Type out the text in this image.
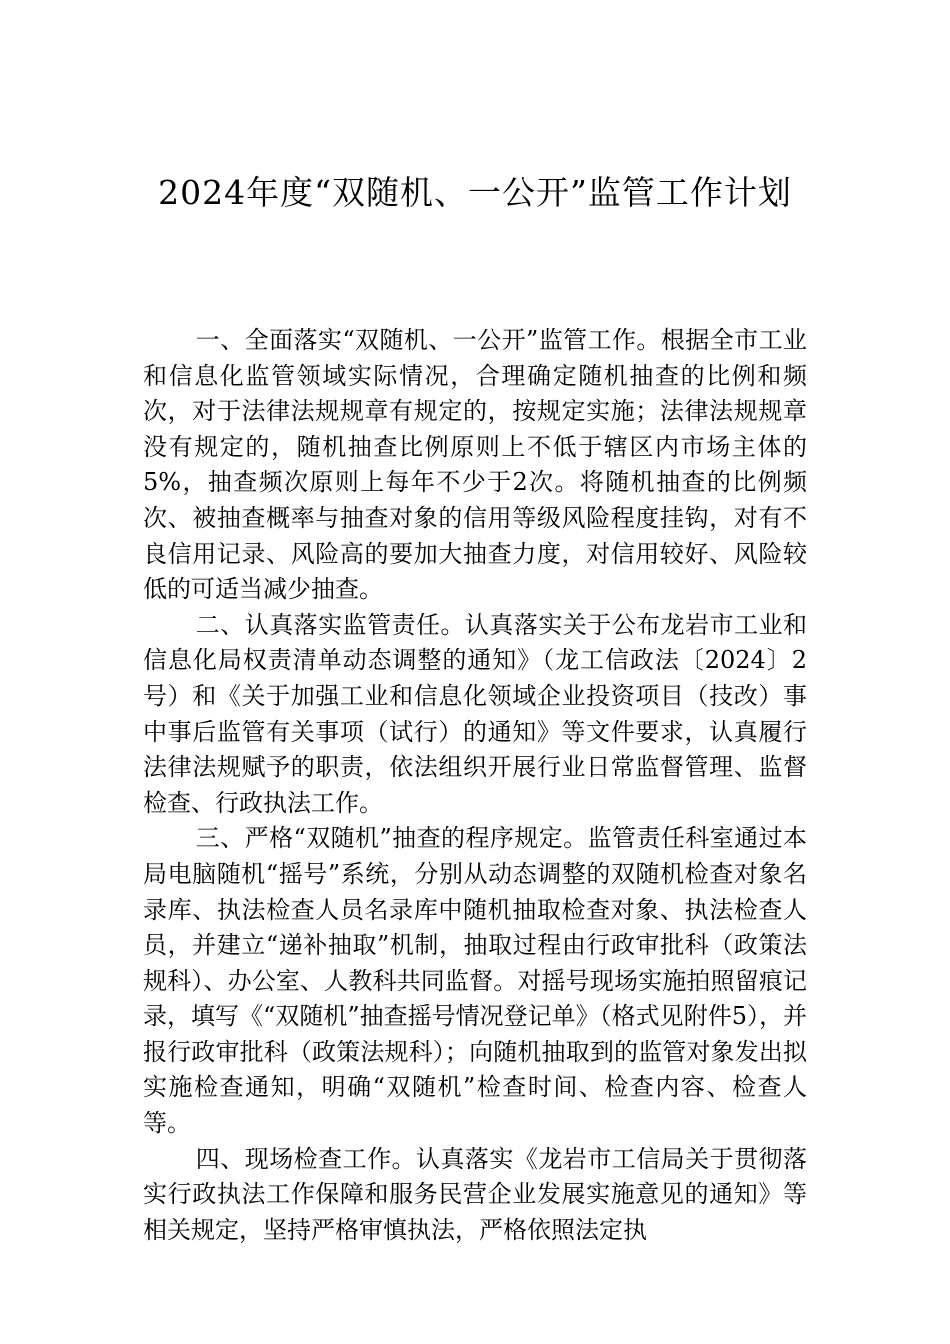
2024年度“双随机、一公开”监管工作计划

一、全面落实“双随机、一公开”监管工作。根据全市工业和信息化监管领域实际情况，合理确定随机抽查的比例和频次，对于法律法规规章有规定的，按规定实施；法律法规规章没有规定的，随机抽查比例原则上不低于辖区内市场主体的5%，抽查频次原则上每年不少于2次。将随机抽查的比例频次、被抽查概率与抽查对象的信用等级风险程度挂钩，对有不良信用记录、风险高的要加大抽查力度，对信用较好、风险较低的可适当减少抽查。

二、认真落实监管责任。认真落实关于公布龙岩市工业和信息化局权责清单动态调整的通知》（龙工信政法〔2024〕2号）和《关于加强工业和信息化领域企业投资项目（技改）事中事后监管有关事项（试行）的通知》等文件要求，认真履行法律法规赋予的职责，依法组织开展行业日常监督管理、监督检查、行政执法工作。

三、严格“双随机”抽查的程序规定。监管责任科室通过本局电脑随机“摇号”系统，分别从动态调整的双随机检查对象名录库、执法检查人员名录库中随机抽取检查对象、执法检查人员，并建立“递补抽取”机制，抽取过程由行政审批科（政策法规科）、办公室、人教科共同监督。对摇号现场实施拍照留痕记录，填写《“双随机”抽查摇号情况登记单》（格式见附件5），并报行政审批科（政策法规科）；向随机抽取到的监管对象发出拟实施检查通知，明确“双随机”检查时间、检查内容、检查人等。

四、现场检查工作。认真落实《龙岩市工信局关于贯彻落实行政执法工作保障和服务民营企业发展实施意见的通知》等相关规定，坚持严格审慎执法，严格依照法定执
